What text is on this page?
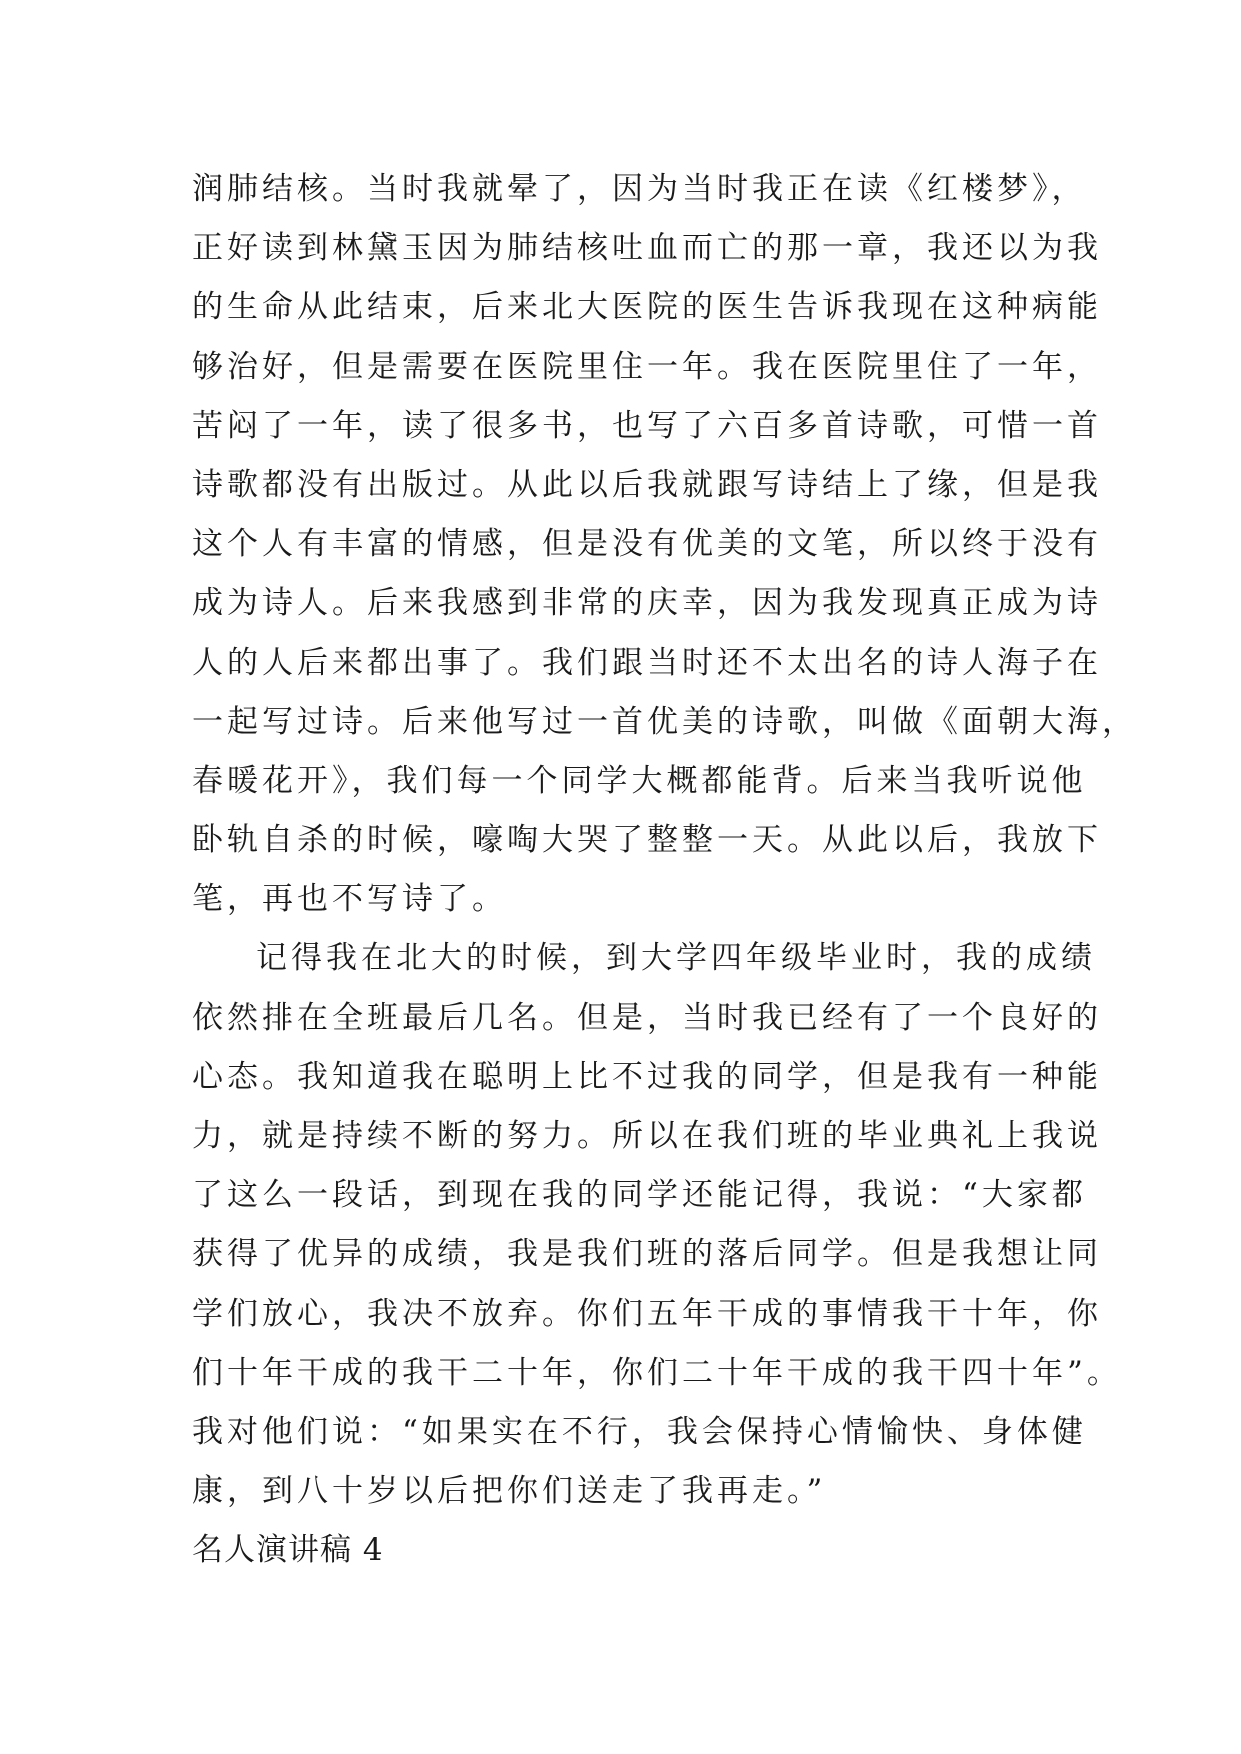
润肺结核。当时我就晕了，因为当时我正在读《红楼梦》，
正好读到林黛玉因为肺结核吐血而亡的那一章，我还以为我
的生命从此结束，后来北大医院的医生告诉我现在这种病能
够治好，但是需要在医院里住一年。我在医院里住了一年，
苦闷了一年，读了很多书，也写了六百多首诗歌，可惜一首
诗歌都没有出版过。从此以后我就跟写诗结上了缘，但是我
这个人有丰富的情感，但是没有优美的文笔，所以终于没有
成为诗人。后来我感到非常的庆幸，因为我发现真正成为诗
人的人后来都出事了。我们跟当时还不太出名的诗人海子在
一起写过诗。后来他写过一首优美的诗歌，叫做《面朝大海，
春暖花开》，我们每一个同学大概都能背。后来当我听说他
卧轨自杀的时候，嚎啕大哭了整整一天。从此以后，我放下
笔，再也不写诗了。
记得我在北大的时候，到大学四年级毕业时，我的成绩
依然排在全班最后几名。但是，当时我已经有了一个良好的
心态。我知道我在聪明上比不过我的同学，但是我有一种能
力，就是持续不断的努力。所以在我们班的毕业典礼上我说
了这么一段话，到现在我的同学还能记得，我说：“大家都
获得了优异的成绩，我是我们班的落后同学。但是我想让同
学们放心，我决不放弃。你们五年干成的事情我干十年，你
们十年干成的我干二十年，你们二十年干成的我干四十年”。
我对他们说：“如果实在不行，我会保持心情愉快、身体健
康，到八十岁以后把你们送走了我再走。”
名人演讲稿 4
